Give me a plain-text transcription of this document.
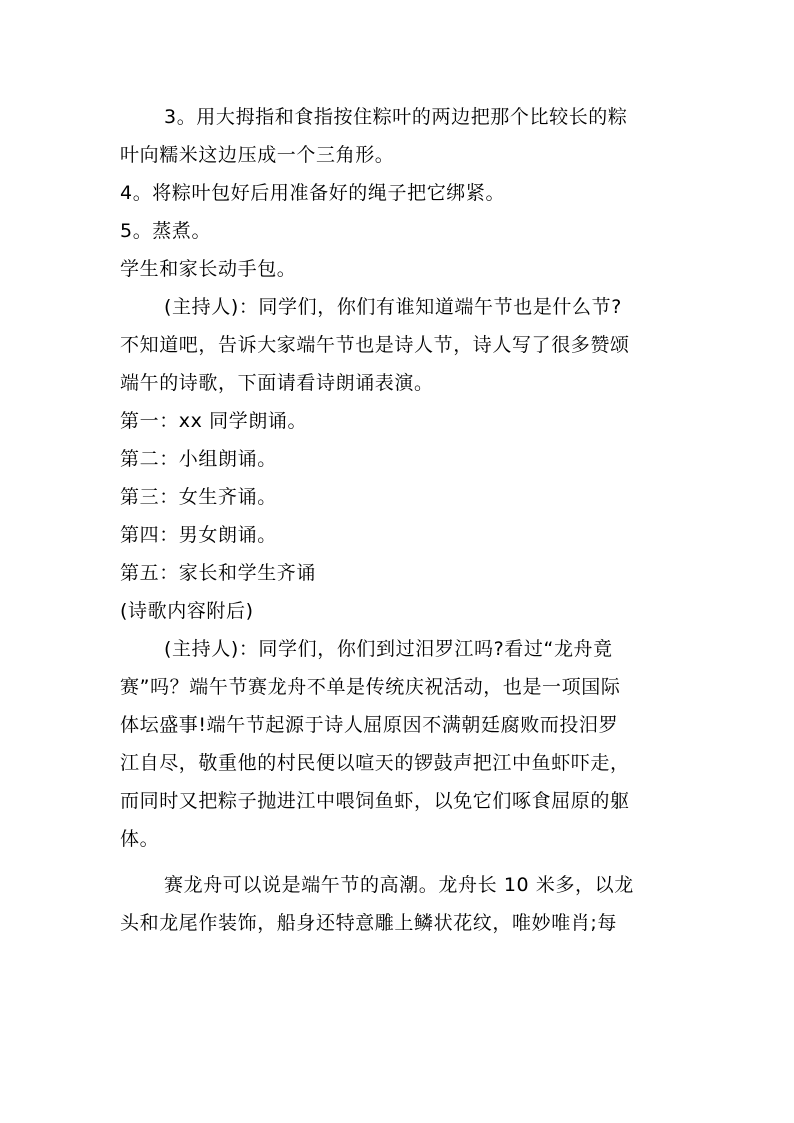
3。用大拇指和食指按住粽叶的两边把那个比较长的粽
叶向糯米这边压成一个三角形。
4。将粽叶包好后用准备好的绳子把它绑紧。
5。蒸煮。
学生和家长动手包。
(主持人)：同学们，你们有谁知道端午节也是什么节?
不知道吧，告诉大家端午节也是诗人节，诗人写了很多赞颂
端午的诗歌，下面请看诗朗诵表演。
第一：xx 同学朗诵。
第二：小组朗诵。
第三：女生齐诵。
第四：男女朗诵。
第五：家长和学生齐诵
(诗歌内容附后)
(主持人)：同学们，你们到过汨罗江吗?看过“龙舟竟
赛”吗？端午节赛龙舟不单是传统庆祝活动，也是一项国际
体坛盛事!端午节起源于诗人屈原因不满朝廷腐败而投汨罗
江自尽，敬重他的村民便以喧天的锣鼓声把江中鱼虾吓走，
而同时又把粽子抛进江中喂饲鱼虾，以免它们啄食屈原的躯
体。
赛龙舟可以说是端午节的高潮。龙舟长 10 米多，以龙
头和龙尾作装饰，船身还特意雕上鳞状花纹，唯妙唯肖;每
